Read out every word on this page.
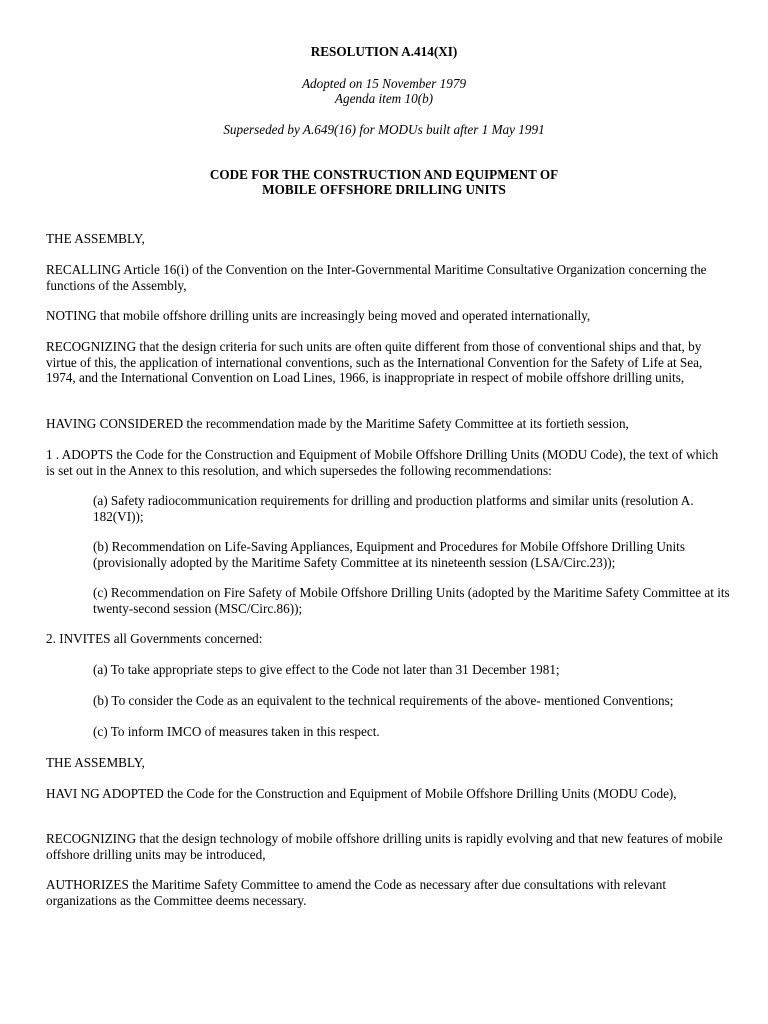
RESOLUTION A.414(XI)

Adopted on 15 November 1979

Agenda item 10(b)

Superseded by A.649(16) for MODUs built after 1 May 1991

CODE FOR THE CONSTRUCTION AND EQUIPMENT OF

MOBILE OFFSHORE DRILLING UNITS

THE ASSEMBLY,

RECALLING Article 16(i) of the Convention on the Inter-Governmental Maritime Consultative Organization concerning the functions of the Assembly,

NOTING that mobile offshore drilling units are increasingly being moved and operated internationally,

RECOGNIZING that the design criteria for such units are often quite different from those of conventional ships and that, by virtue of this, the application of international conventions, such as the International Convention for the Safety of Life at Sea, 1974, and the International Convention on Load Lines, 1966, is inappropriate in respect of mobile offshore drilling units,

HAVING CONSIDERED the recommendation made by the Maritime Safety Committee at its fortieth session,

1 . ADOPTS the Code for the Construction and Equipment of Mobile Offshore Drilling Units (MODU Code), the text of which is set out in the Annex to this resolution, and which supersedes the following recommendations:

(a) Safety radiocommunication requirements for drilling and production platforms and similar units (resolution A. 182(VI));

(b) Recommendation on Life-Saving Appliances, Equipment and Procedures for Mobile Offshore Drilling Units (provisionally adopted by the Maritime Safety Committee at its nineteenth session (LSA/Circ.23));

(c) Recommendation on Fire Safety of Mobile Offshore Drilling Units (adopted by the Maritime Safety Committee at its twenty-second session (MSC/Circ.86));

2. INVITES all Governments concerned:

(a) To take appropriate steps to give effect to the Code not later than 31 December 1981;

(b) To consider the Code as an equivalent to the technical requirements of the above- mentioned Conventions;

(c) To inform IMCO of measures taken in this respect.

THE ASSEMBLY,

HAVI NG ADOPTED the Code for the Construction and Equipment of Mobile Offshore Drilling Units (MODU Code),

RECOGNIZING that the design technology of mobile offshore drilling units is rapidly evolving and that new features of mobile offshore drilling units may be introduced,

AUTHORIZES the Maritime Safety Committee to amend the Code as necessary after due consultations with relevant organizations as the Committee deems necessary.
